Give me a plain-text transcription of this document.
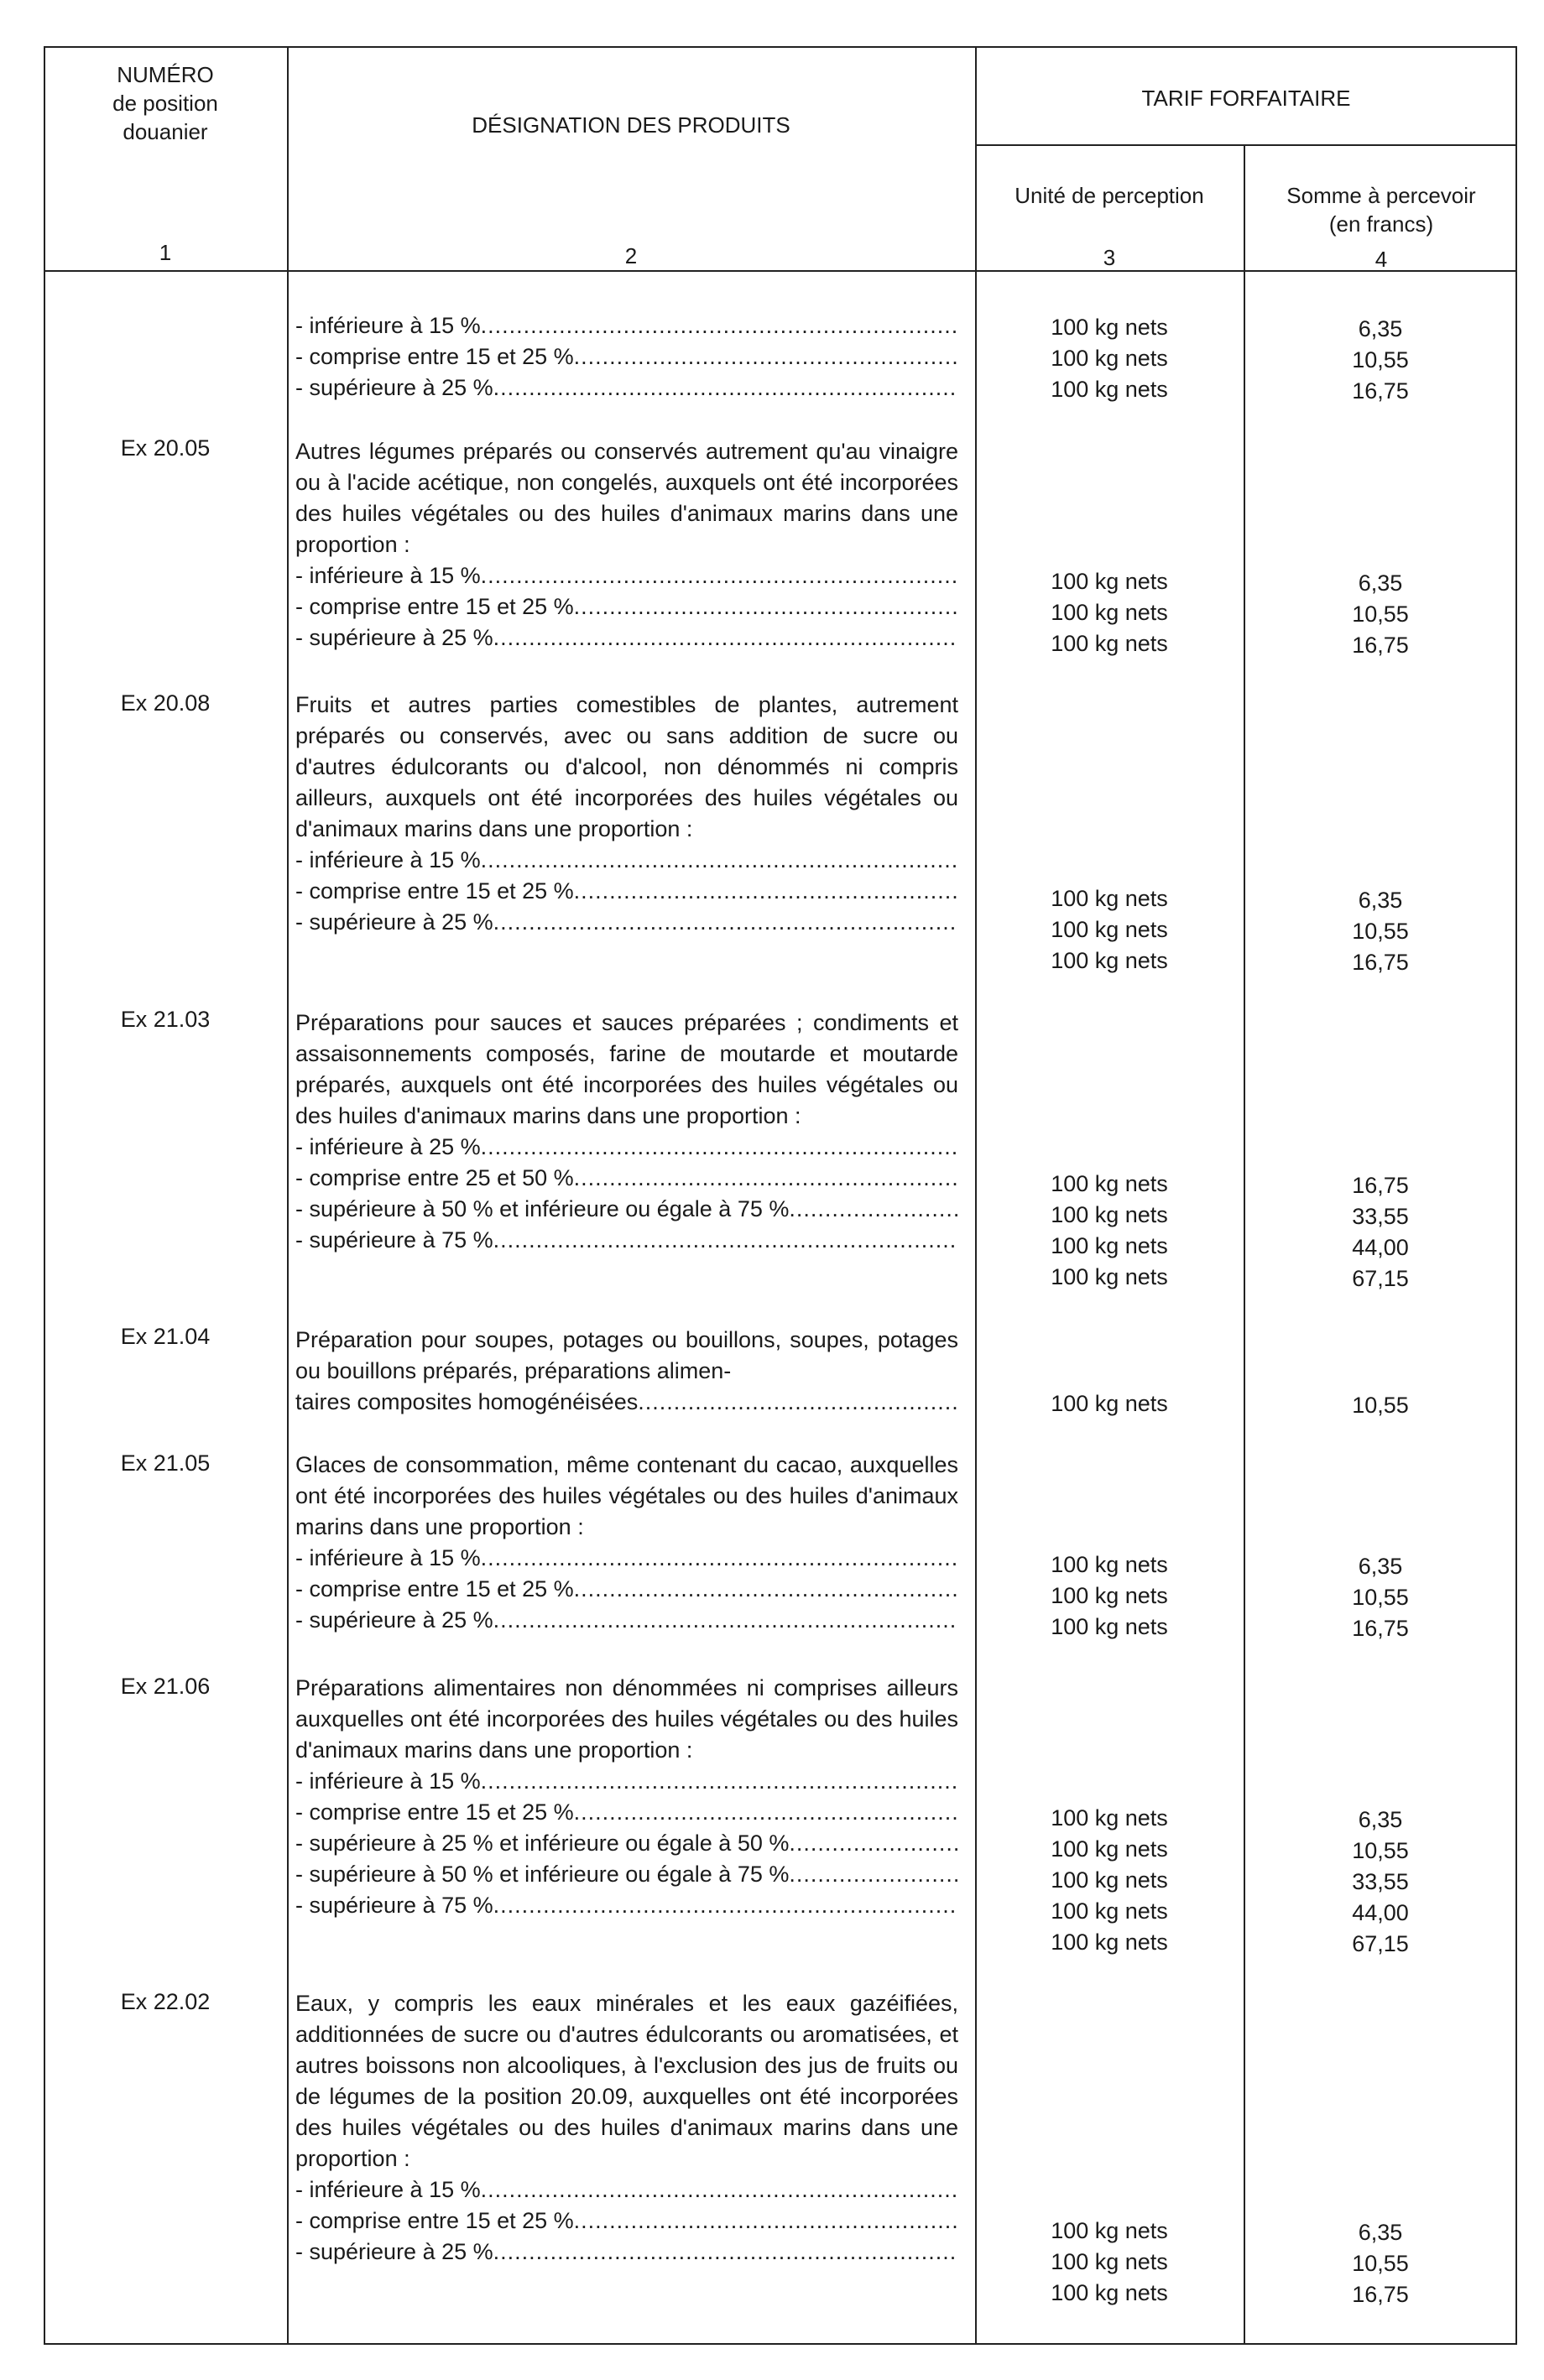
NUMÉRO
de position
douanier
1
DÉSIGNATION DES PRODUITS
2
TARIF FORFAITAIRE
Unité de perception
3
Somme à percevoir
(en francs)
4
- inférieure à 15 %
.....
- comprise entre 15 et 25 %
.....
- supérieure à 25 %
.....
100 kg nets
100 kg nets
100 kg nets
6,35
10,55
16,75
Ex 20.05	Autres légumes préparés ou conservés autrement qu'au vinaigre ou à l'acide acétique, non congelés, auxquels ont été incorporées des huiles végétales ou des huiles d'animaux marins dans une proportion :

- inférieure à 15 %
.....
- comprise entre 15 et 25 %
.....
- supérieure à 25 %
.....
100 kg nets
100 kg nets
100 kg nets
6,35
10,55
16,75
Ex 20.08	Fruits et autres parties comestibles de plantes, autrement préparés ou conservés, avec ou sans addition de sucre ou d'autres édulcorants ou d'alcool, non dénommés ni compris ailleurs, auxquels ont été incorporées des huiles végétales ou d'animaux marins dans une proportion :

- inférieure à 15 %
.....
- comprise entre 15 et 25 %
.....
- supérieure à 25 %
.....
100 kg nets
100 kg nets
100 kg nets
6,35
10,55
16,75
Ex 21.03	Préparations pour sauces et sauces préparées ; condiments et assaisonnements composés, farine de moutarde et moutarde préparés, auxquels ont été incorporées des huiles végétales ou des huiles d'animaux marins dans une proportion :

- inférieure à 25 %
.....
- comprise entre 25 et 50 %
.....
- supérieure à 50 % et inférieure ou égale à 75 %
.....
- supérieure à 75 %
.....
100 kg nets
100 kg nets
100 kg nets
100 kg nets
16,75
33,55
44,00
67,15
Ex 21.04	Préparation pour soupes, potages ou bouillons, soupes, potages ou bouillons préparés, préparations alimen-

taires composites homogénéisées
.....	100 kg nets	10,55
Ex 21.05	Glaces de consommation, même contenant du cacao, auxquelles ont été incorporées des huiles végétales ou des huiles d'animaux marins dans une proportion :

- inférieure à 15 %
.....
- comprise entre 15 et 25 %
.....
- supérieure à 25 %
.....
100 kg nets
100 kg nets
100 kg nets
6,35
10,55
16,75
Ex 21.06	Préparations alimentaires non dénommées ni comprises ailleurs auxquelles ont été incorporées des huiles végétales ou des huiles d'animaux marins dans une proportion :

- inférieure à 15 %
.....
- comprise entre 15 et 25 %
.....
- supérieure à 25 % et inférieure ou égale à 50 %
.....
- supérieure à 50 % et inférieure ou égale à 75 %
.....
- supérieure à 75 %
.....
100 kg nets
100 kg nets
100 kg nets
100 kg nets
100 kg nets
6,35
10,55
33,55
44,00
67,15
Ex 22.02	Eaux, y compris les eaux minérales et les eaux gazéifiées, additionnées de sucre ou d'autres édulcorants ou aromatisées, et autres boissons non alcooliques, à l'exclusion des jus de fruits ou de légumes de la position 20.09, auxquelles ont été incorporées des huiles végétales ou des huiles d'animaux marins dans une proportion :

- inférieure à 15 %
.....
- comprise entre 15 et 25 %
.....
- supérieure à 25 %
.....
100 kg nets
100 kg nets
100 kg nets
6,35
10,55
16,75
